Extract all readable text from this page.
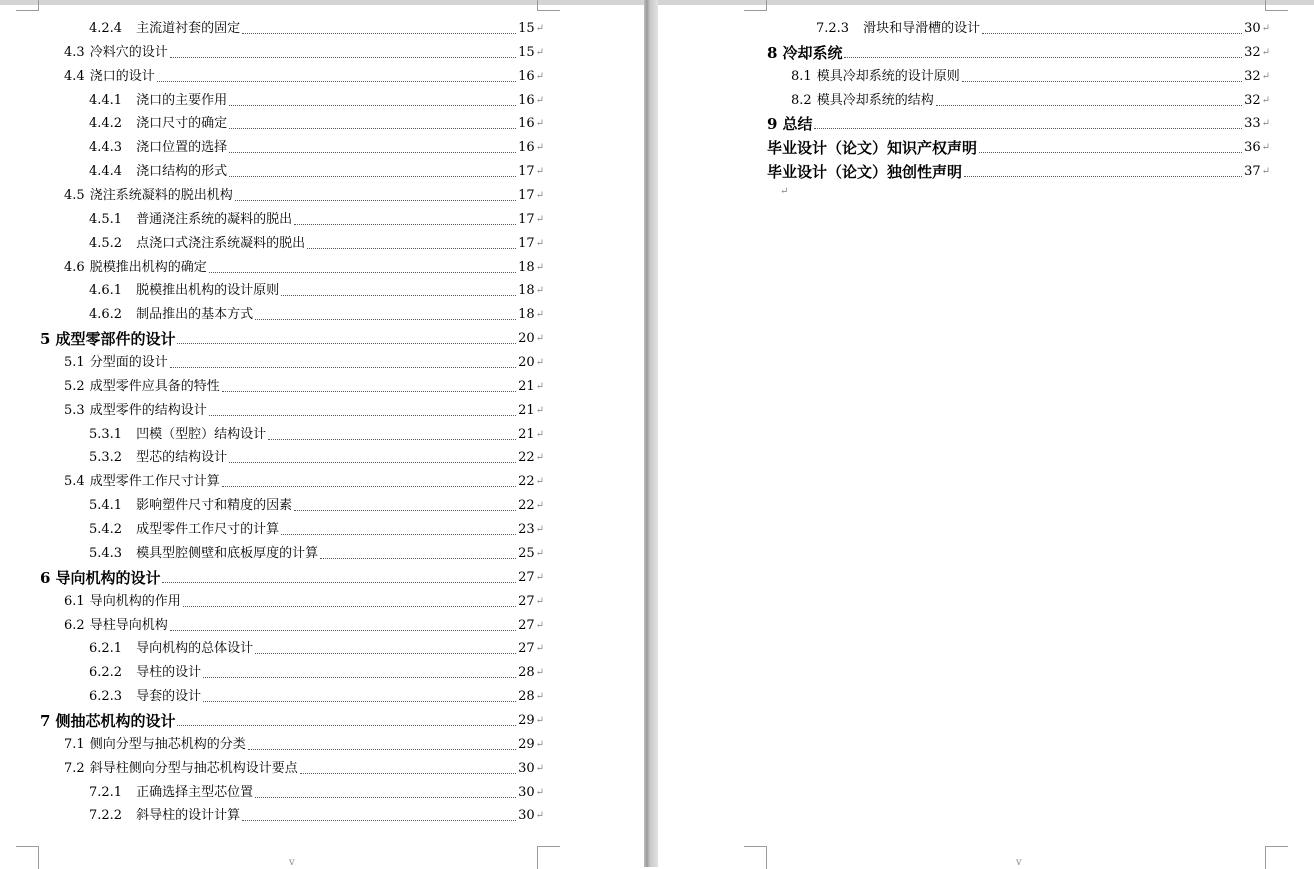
4.2.4 主流道衬套的固定	15 ↵
4.3 冷料穴的设计	15 ↵
4.4 浇口的设计	16 ↵
4.4.1 浇口的主要作用	16 ↵
4.4.2 浇口尺寸的确定	16 ↵
4.4.3 浇口位置的选择	16 ↵
4.4.4 浇口结构的形式	17 ↵
4.5 浇注系统凝料的脱出机构	17 ↵
4.5.1 普通浇注系统的凝料的脱出	17 ↵
4.5.2 点浇口式浇注系统凝料的脱出	17 ↵
4.6 脱模推出机构的确定	18 ↵
4.6.1 脱模推出机构的设计原则	18 ↵
4.6.2 制品推出的基本方式	18 ↵
5 成型零部件的设计	20 ↵
5.1 分型面的设计	20 ↵
5.2 成型零件应具备的特性	21 ↵
5.3 成型零件的结构设计	21 ↵
5.3.1 凹模（型腔）结构设计	21 ↵
5.3.2 型芯的结构设计	22 ↵
5.4 成型零件工作尺寸计算	22 ↵
5.4.1 影响塑件尺寸和精度的因素	22 ↵
5.4.2 成型零件工作尺寸的计算	23 ↵
5.4.3 模具型腔侧壁和底板厚度的计算	25 ↵
6 导向机构的设计	27 ↵
6.1 导向机构的作用	27 ↵
6.2 导柱导向机构	27 ↵
6.2.1 导向机构的总体设计	27 ↵
6.2.2 导柱的设计	28 ↵
6.2.3 导套的设计	28 ↵
7 侧抽芯机构的设计	29 ↵
7.1 侧向分型与抽芯机构的分类	29 ↵
7.2 斜导柱侧向分型与抽芯机构设计要点	30 ↵
7.2.1 正确选择主型芯位置	30 ↵
7.2.2 斜导柱的设计计算	30 ↵
v
7.2.3 滑块和导滑槽的设计	30 ↵
8 冷却系统	32 ↵
8.1 模具冷却系统的设计原则	32 ↵
8.2 模具冷却系统的结构	32 ↵
9 总结	33 ↵
毕业设计（论文）知识产权声明	36 ↵
毕业设计（论文）独创性声明	37 ↵
↵
v
